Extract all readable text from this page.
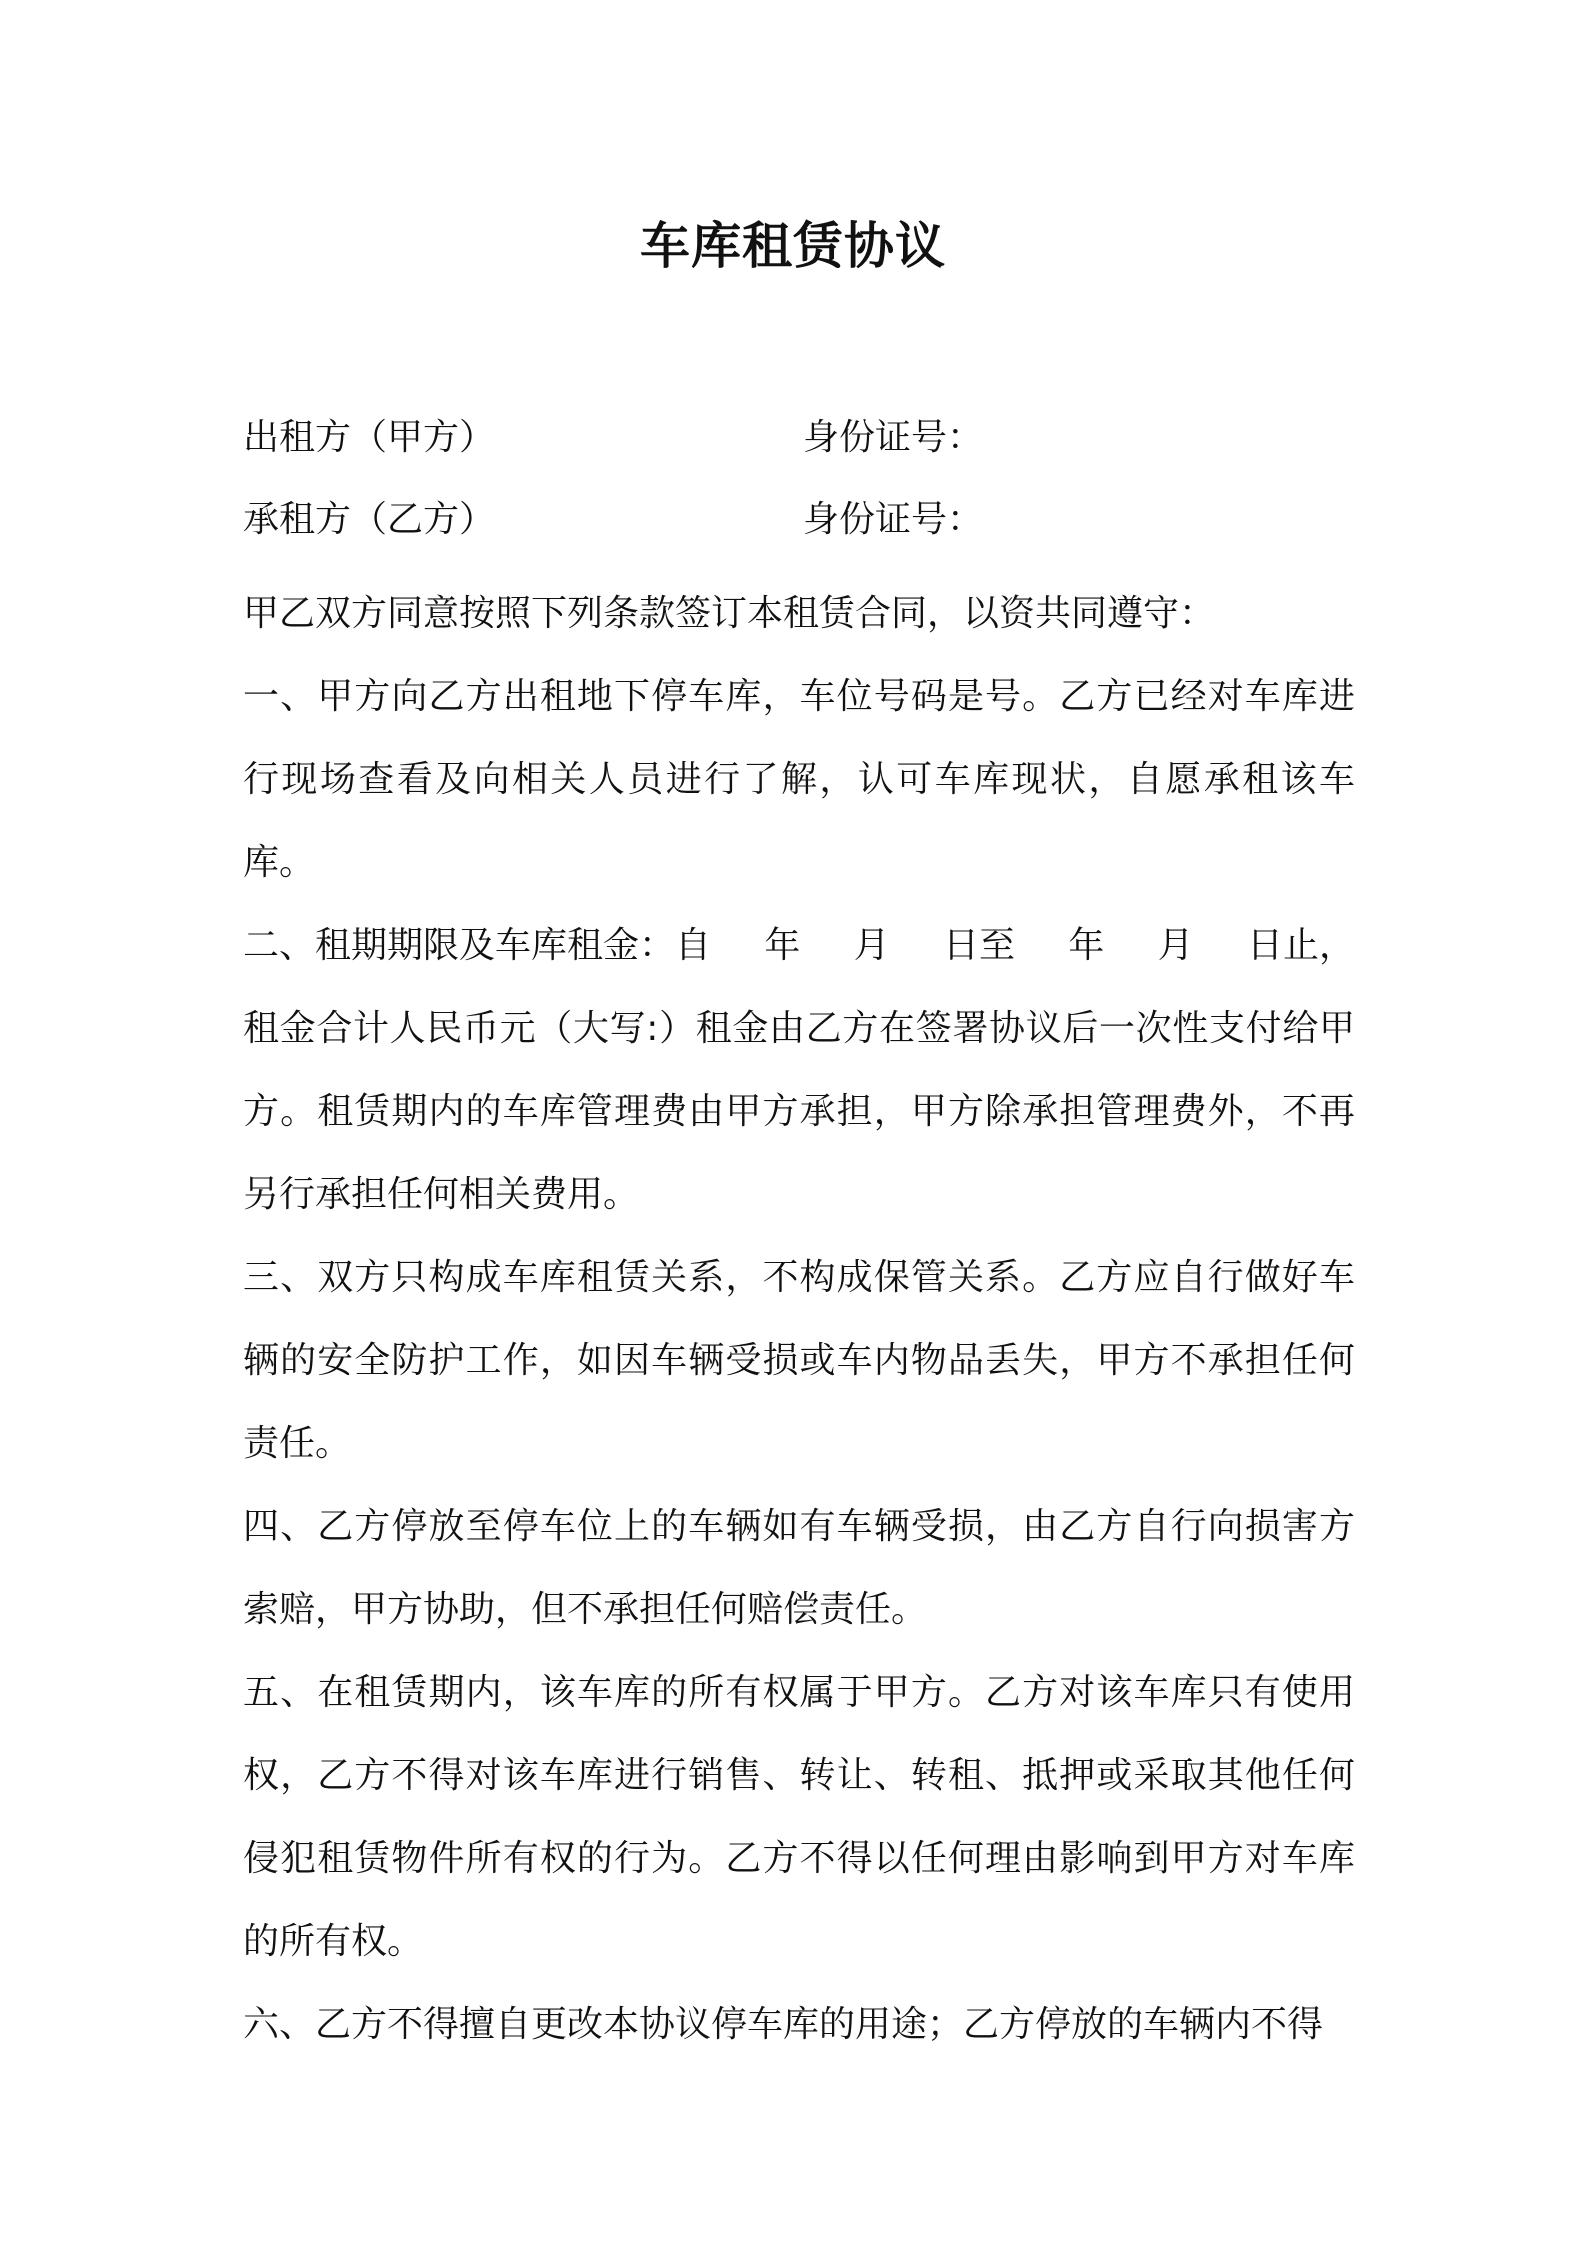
车库租赁协议
出租方（甲方）	身份证号：
承租方（乙方）	身份证号：

甲乙双方同意按照下列条款签订本租赁合同，以资共同遵守：

一、甲方向乙方出租地下停车库，车位号码是号。乙方已经对车库进行现场查看及向相关人员进行了解，认可车库现状，自愿承租该车库。

二、租期期限及车库租金：自 年 月 日至 年 月 日止，

租金合计人民币元（大写:）租金由乙方在签署协议后一次性支付给甲方。租赁期内的车库管理费由甲方承担，甲方除承担管理费外，不再另行承担任何相关费用。

三、双方只构成车库租赁关系，不构成保管关系。乙方应自行做好车辆的安全防护工作，如因车辆受损或车内物品丢失，甲方不承担任何责任。

四、乙方停放至停车位上的车辆如有车辆受损，由乙方自行向损害方索赔，甲方协助，但不承担任何赔偿责任。

五、在租赁期内，该车库的所有权属于甲方。乙方对该车库只有使用权，乙方不得对该车库进行销售、转让、转租、抵押或采取其他任何侵犯租赁物件所有权的行为。乙方不得以任何理由影响到甲方对车库的所有权。

六、乙方不得擅自更改本协议停车库的用途；乙方停放的车辆内不得
